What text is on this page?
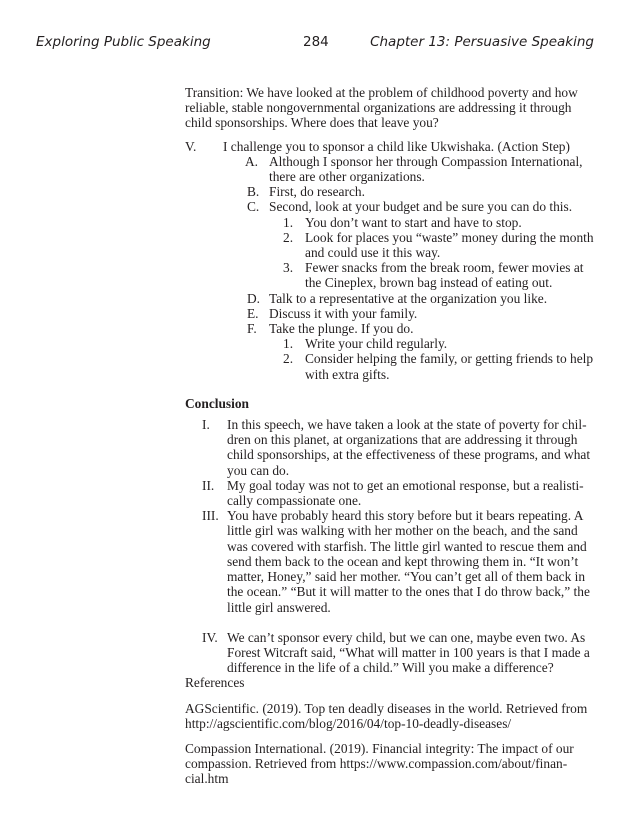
Exploring Public Speaking	284	Chapter 13: Persuasive Speaking

Transition: We have looked at the problem of childhood poverty and how reliable, stable nongovernmental organizations are addressing it through child sponsorships. Where does that leave you?

V. I challenge you to sponsor a child like Ukwishaka. (Action Step)
A. Although I sponsor her through Compassion International, there are other organizations.
B. First, do research.
C. Second, look at your budget and be sure you can do this.
1. You don’t want to start and have to stop.
2. Look for places you “waste” money during the month and could use it this way.
3. Fewer snacks from the break room, fewer movies at the Cineplex, brown bag instead of eating out.
D. Talk to a representative at the organization you like.
E. Discuss it with your family.
F. Take the plunge. If you do.
1. Write your child regularly.
2. Consider helping the family, or getting friends to help with extra gifts.

Conclusion

I. In this speech, we have taken a look at the state of poverty for chil-dren on this planet, at organizations that are addressing it through child sponsorships, at the effectiveness of these programs, and what you can do.
II. My goal today was not to get an emotional response, but a realisti-cally compassionate one.
III. You have probably heard this story before but it bears repeating. A little girl was walking with her mother on the beach, and the sand was covered with starfish. The little girl wanted to rescue them and send them back to the ocean and kept throwing them in. “It won’t matter, Honey,” said her mother. “You can’t get all of them back in the ocean.” “But it will matter to the ones that I do throw back,” the little girl answered.
IV. We can’t sponsor every child, but we can one, maybe even two. As Forest Witcraft said, “What will matter in 100 years is that I made a difference in the life of a child.” Will you make a difference?

References

AGScientific. (2019). Top ten deadly diseases in the world. Retrieved from http://agscientific.com/blog/2016/04/top-10-deadly-diseases/

Compassion International. (2019). Financial integrity: The impact of our compassion. Retrieved from https://www.compassion.com/about/finan-cial.htm
